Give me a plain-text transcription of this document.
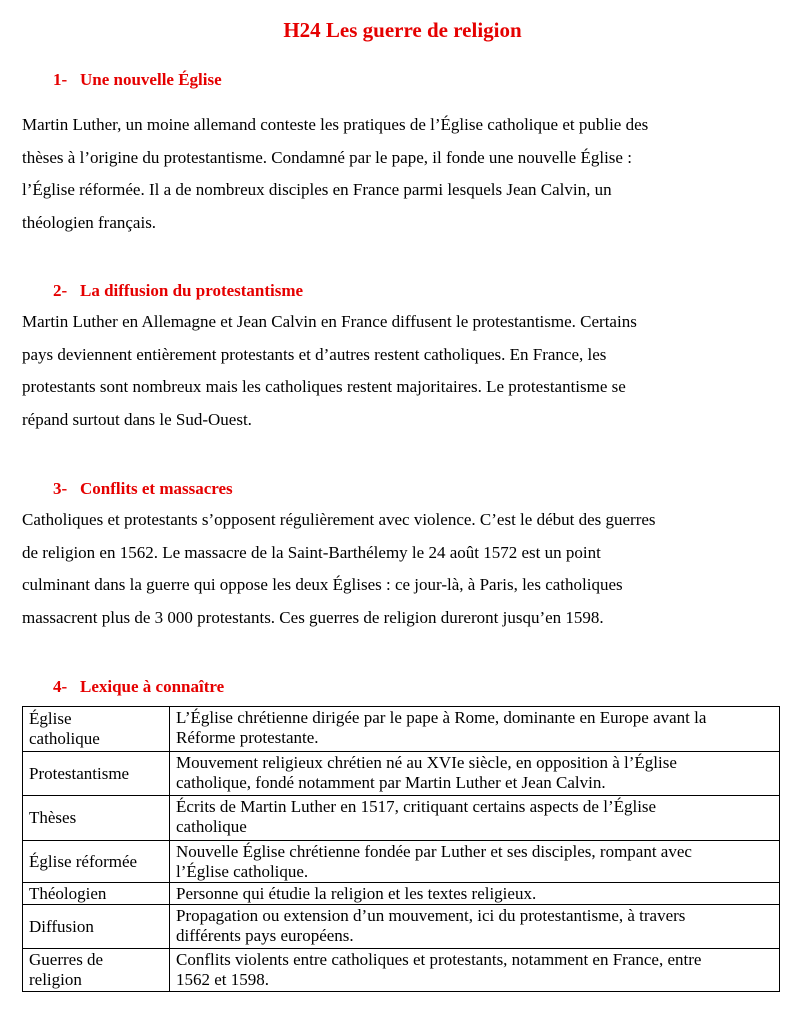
H24 Les guerre de religion
1- Une nouvelle Église
Martin Luther, un moine allemand conteste les pratiques de l’Église catholique et publie des
thèses à l’origine du protestantisme. Condamné par le pape, il fonde une nouvelle Église :
l’Église réformée. Il a de nombreux disciples en France parmi lesquels Jean Calvin, un
théologien français.
2- La diffusion du protestantisme
Martin Luther en Allemagne et Jean Calvin en France diffusent le protestantisme. Certains
pays deviennent entièrement protestants et d’autres restent catholiques. En France, les
protestants sont nombreux mais les catholiques restent majoritaires. Le protestantisme se
répand surtout dans le Sud-Ouest.
3- Conflits et massacres
Catholiques et protestants s’opposent régulièrement avec violence. C’est le début des guerres
de religion en 1562. Le massacre de la Saint-Barthélemy le 24 août 1572 est un point
culminant dans la guerre qui oppose les deux Églises : ce jour-là, à Paris, les catholiques
massacrent plus de 3 000 protestants. Ces guerres de religion dureront jusqu’en 1598.
4- Lexique à connaître
Église
catholique	L’Église chrétienne dirigée par le pape à Rome, dominante en Europe avant la
Réforme protestante.

Protestantisme	Mouvement religieux chrétien né au XVIe siècle, en opposition à l’Église
catholique, fondé notamment par Martin Luther et Jean Calvin.

Thèses	Écrits de Martin Luther en 1517, critiquant certains aspects de l’Église
catholique

Église réformée	Nouvelle Église chrétienne fondée par Luther et ses disciples, rompant avec
l’Église catholique.

Théologien	Personne qui étudie la religion et les textes religieux.

Diffusion	Propagation ou extension d’un mouvement, ici du protestantisme, à travers
différents pays européens.

Guerres de
religion	Conflits violents entre catholiques et protestants, notamment en France, entre
1562 et 1598.
